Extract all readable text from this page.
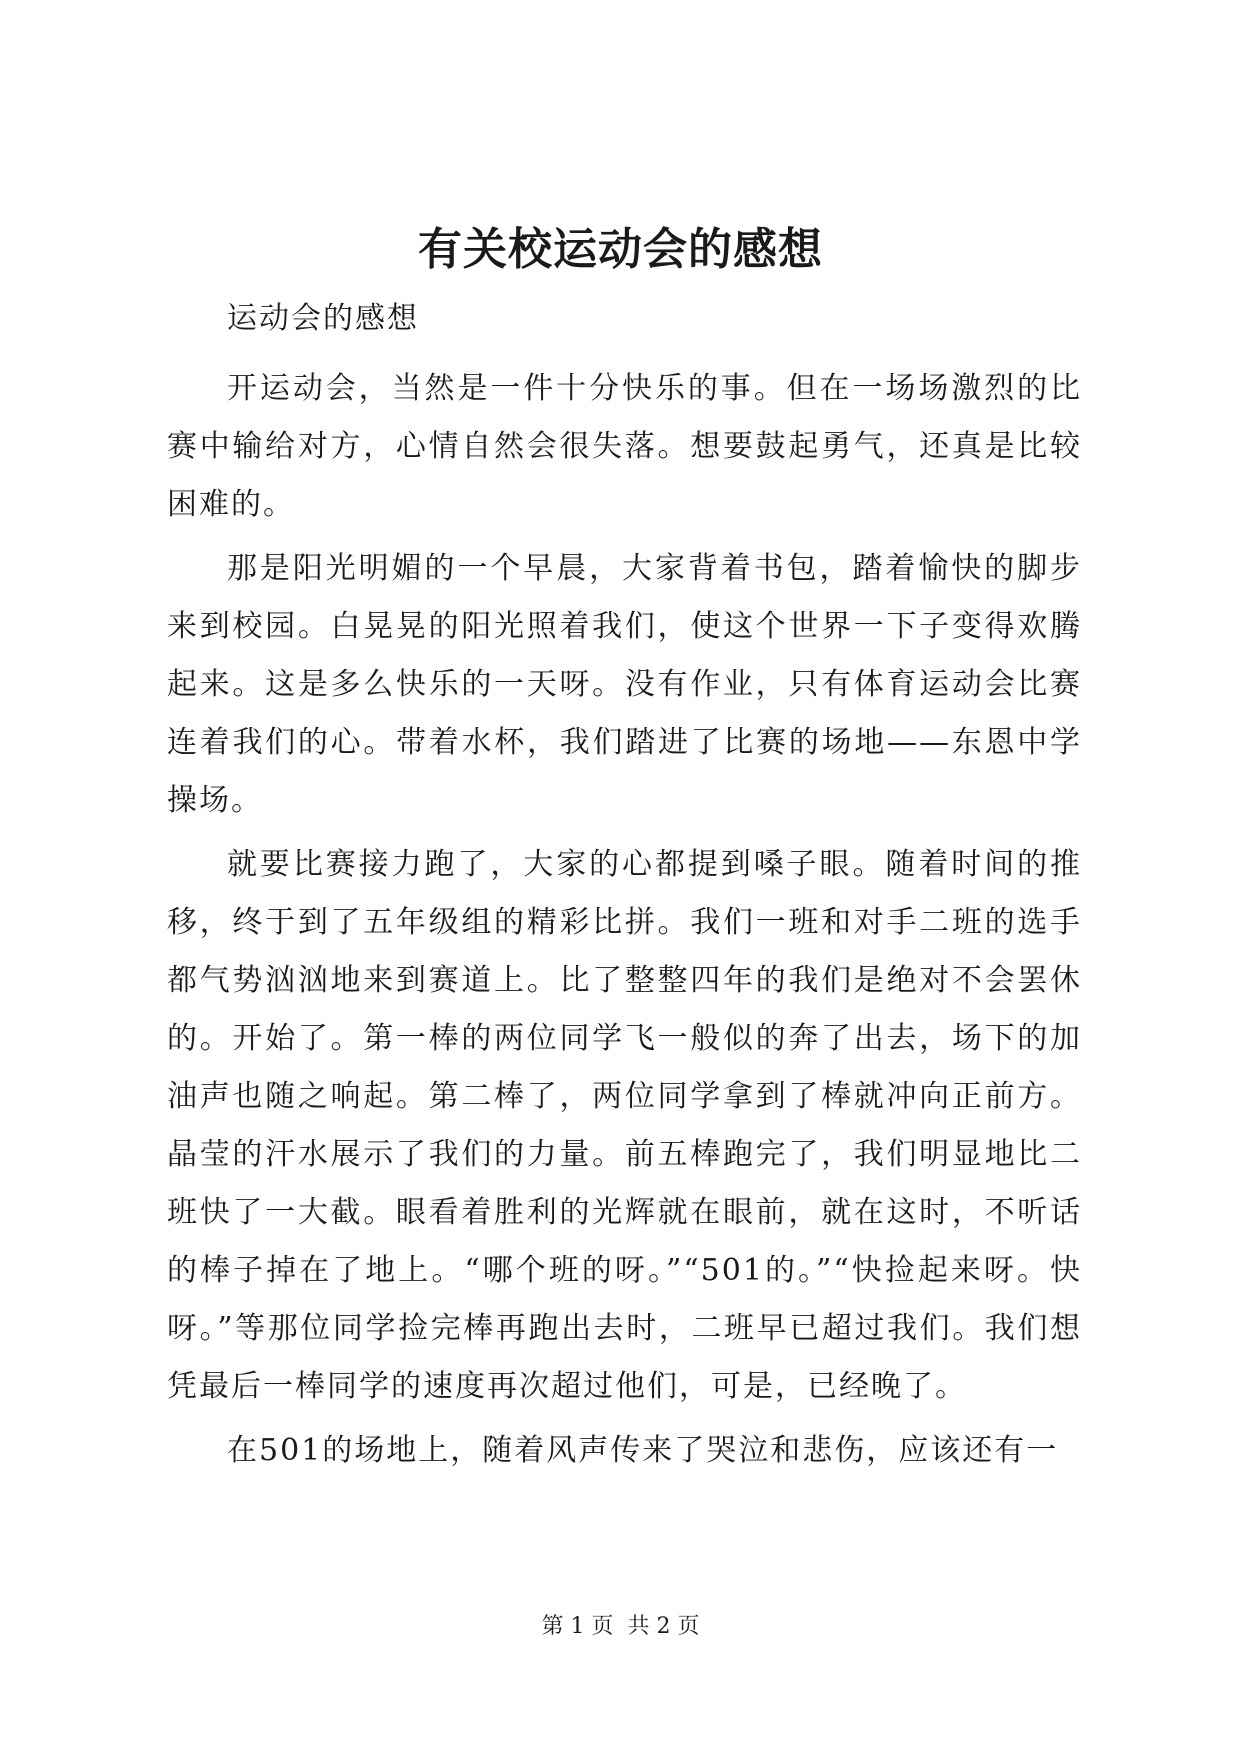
有关校运动会的感想

运动会的感想

开运动会，当然是一件十分快乐的事。但在一场场激烈的比赛中输给对方，心情自然会很失落。想要鼓起勇气，还真是比较困难的。

那是阳光明媚的一个早晨，大家背着书包，踏着愉快的脚步来到校园。白晃晃的阳光照着我们，使这个世界一下子变得欢腾起来。这是多么快乐的一天呀。没有作业，只有体育运动会比赛连着我们的心。带着水杯，我们踏进了比赛的场地——东恩中学操场。

就要比赛接力跑了，大家的心都提到嗓子眼。随着时间的推移，终于到了五年级组的精彩比拼。我们一班和对手二班的选手都气势汹汹地来到赛道上。比了整整四年的我们是绝对不会罢休的。开始了。第一棒的两位同学飞一般似的奔了出去，场下的加油声也随之响起。第二棒了，两位同学拿到了棒就冲向正前方。晶莹的汗水展示了我们的力量。前五棒跑完了，我们明显地比二班快了一大截。眼看着胜利的光辉就在眼前，就在这时，不听话的棒子掉在了地上。“哪个班的呀。”“501的。”“快捡起来呀。快呀。”等那位同学捡完棒再跑出去时，二班早已超过我们。我们想凭最后一棒同学的速度再次超过他们，可是，已经晚了。

在501的场地上，随着风声传来了哭泣和悲伤，应该还有一

第 1 页  共 2 页
